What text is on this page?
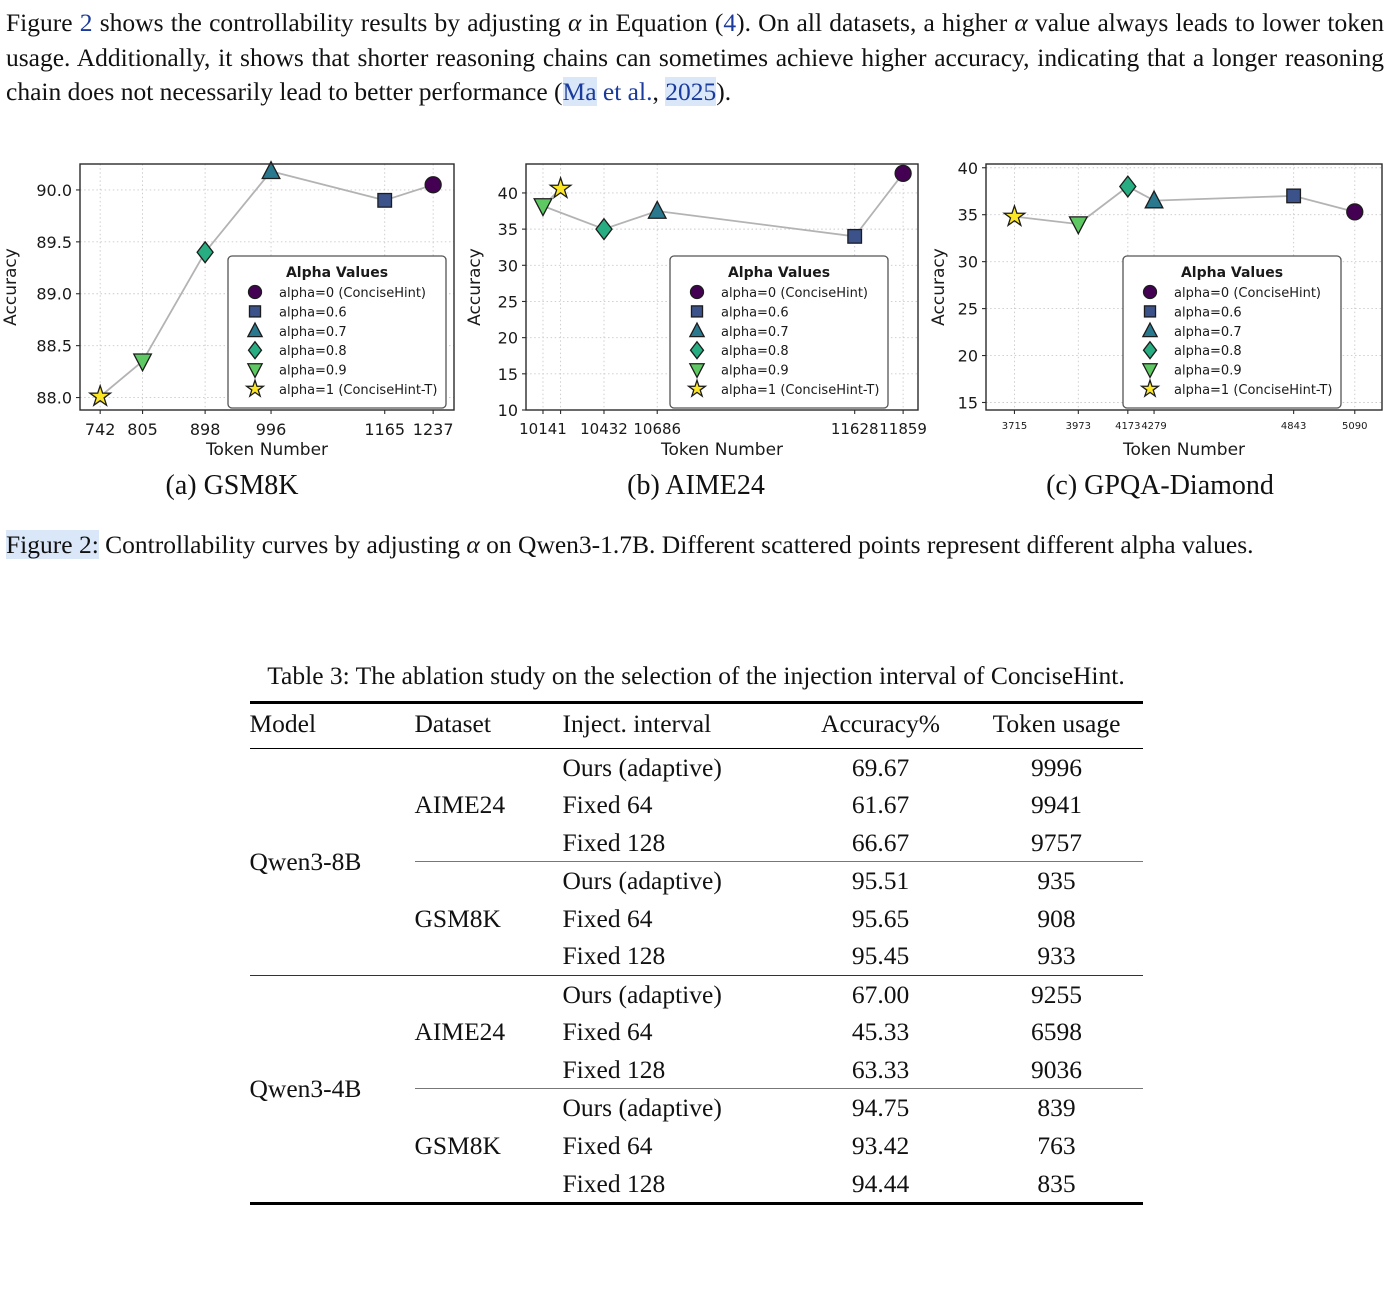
Figure 2 shows the controllability results by adjusting α in Equation (4). On all datasets, a higher α value always leads to lower token usage. Additionally, it shows that shorter reasoning chains can sometimes achieve higher accuracy, indicating that a longer reasoning chain does not necessarily lead to better performance (Ma et al., 2025).

742 805 898 996	1165 1237
88.0
88.5
89.0
89.5
90.0
Token Number
Accuracy	Alpha Values
alpha=0 (ConciseHint)
alpha=0.6
alpha=0.7
alpha=0.8
alpha=0.9
alpha=1 (ConciseHint-T)
(a) GSM8K
10141 10432 10686	11628 11859
10
15
20
25
30
35
40
Token Number
Accuracy	Alpha Values
alpha=0 (ConciseHint)
alpha=0.6
alpha=0.7
alpha=0.8
alpha=0.9
alpha=1 (ConciseHint-T)
(b) AIME24
3715	3973 4173 4279	4843	5090
15
20
25
30
35
40
Token Number
Accuracy	Alpha Values
alpha=0 (ConciseHint)
alpha=0.6
alpha=0.7
alpha=0.8
alpha=0.9
alpha=1 (ConciseHint-T)
(c) GPQA-Diamond

Figure 2: Controllability curves by adjusting α on Qwen3-1.7B. Different scattered points represent different alpha values.

Table 3: The ablation study on the selection of the injection interval of ConciseHint.
Model	Dataset	Inject. interval	Accuracy%	Token usage
Qwen3-8B	AIME24	Ours (adaptive)	69.67	9996
		Fixed 64	61.67	9941
		Fixed 128	66.67	9757
	GSM8K	Ours (adaptive)	95.51	935
		Fixed 64	95.65	908
		Fixed 128	95.45	933
Qwen3-4B	AIME24	Ours (adaptive)	67.00	9255
		Fixed 64	45.33	6598
		Fixed 128	63.33	9036
	GSM8K	Ours (adaptive)	94.75	839
		Fixed 64	93.42	763
		Fixed 128	94.44	835
